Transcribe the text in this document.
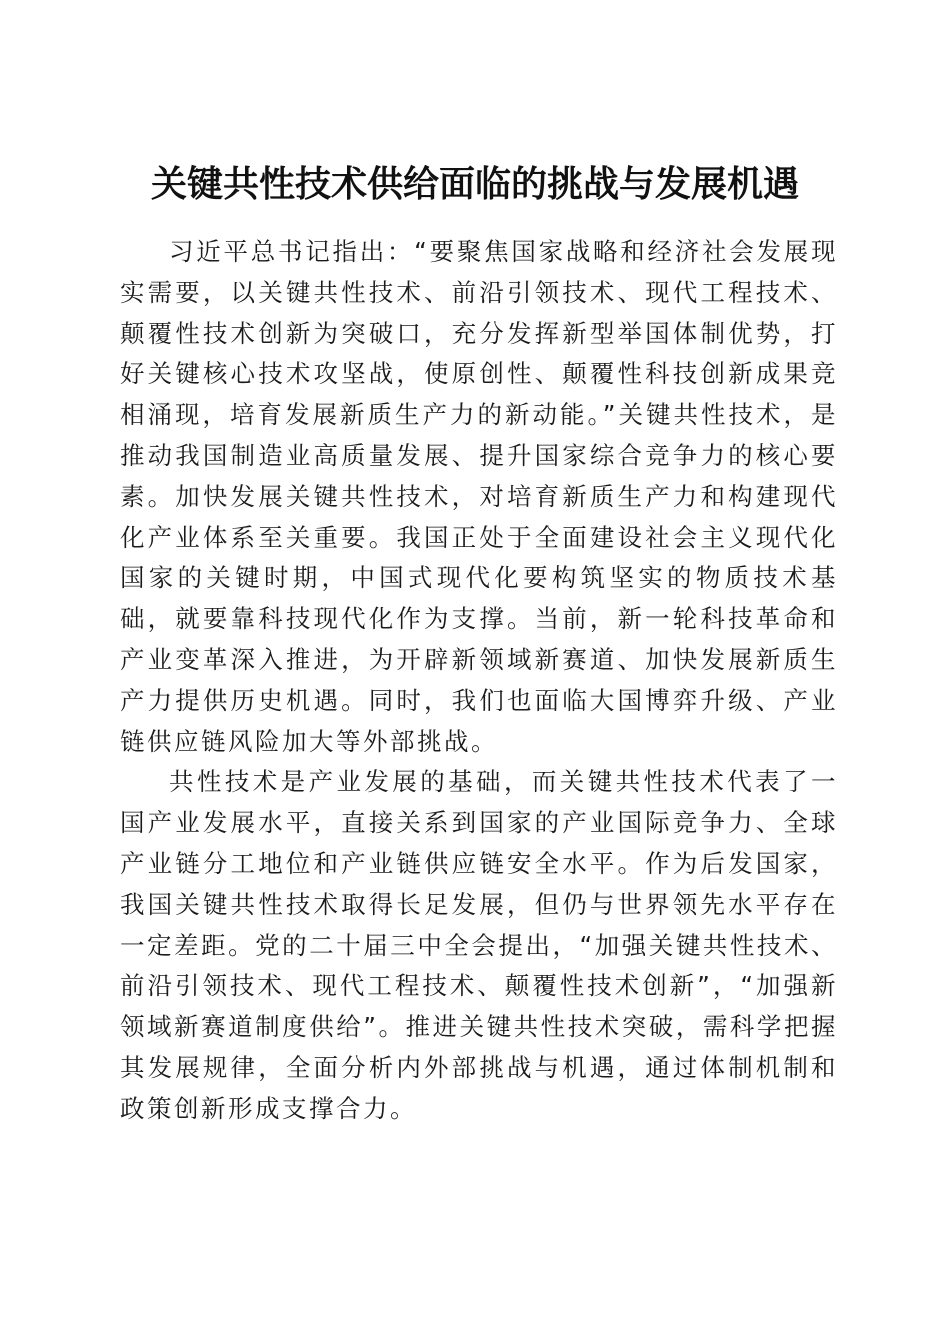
关键共性技术供给面临的挑战与发展机遇

习近平总书记指出：“要聚焦国家战略和经济社会发展现实需要，以关键共性技术、前沿引领技术、现代工程技术、颠覆性技术创新为突破口，充分发挥新型举国体制优势，打好关键核心技术攻坚战，使原创性、颠覆性科技创新成果竞相涌现，培育发展新质生产力的新动能。”关键共性技术，是推动我国制造业高质量发展、提升国家综合竞争力的核心要素。加快发展关键共性技术，对培育新质生产力和构建现代化产业体系至关重要。我国正处于全面建设社会主义现代化国家的关键时期，中国式现代化要构筑坚实的物质技术基础，就要靠科技现代化作为支撑。当前，新一轮科技革命和产业变革深入推进，为开辟新领域新赛道、加快发展新质生产力提供历史机遇。同时，我们也面临大国博弈升级、产业链供应链风险加大等外部挑战。

共性技术是产业发展的基础，而关键共性技术代表了一国产业发展水平，直接关系到国家的产业国际竞争力、全球产业链分工地位和产业链供应链安全水平。作为后发国家，我国关键共性技术取得长足发展，但仍与世界领先水平存在一定差距。党的二十届三中全会提出，“加强关键共性技术、前沿引领技术、现代工程技术、颠覆性技术创新”，“加强新领域新赛道制度供给”。推进关键共性技术突破，需科学把握其发展规律，全面分析内外部挑战与机遇，通过体制机制和政策创新形成支撑合力。
